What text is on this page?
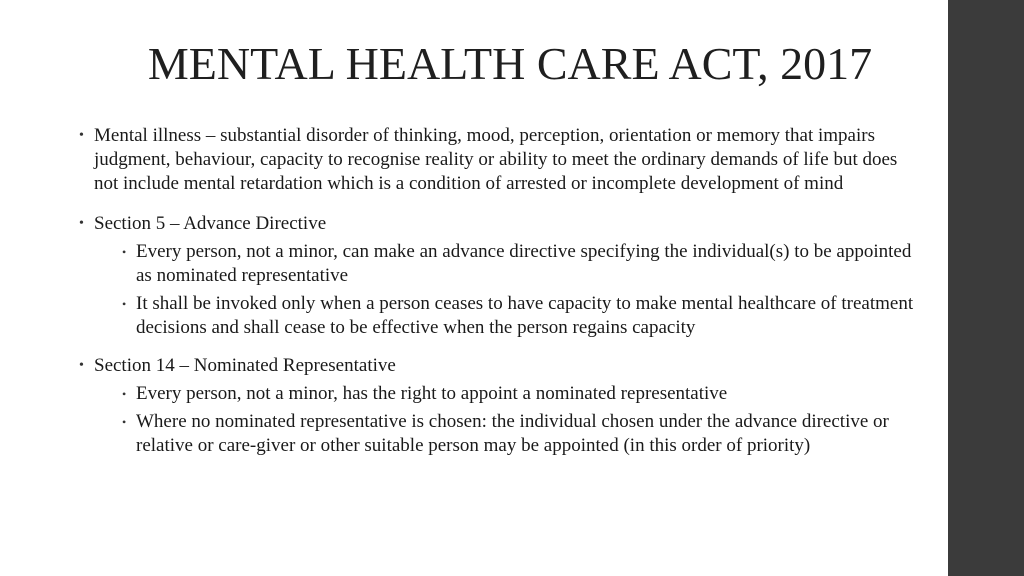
MENTAL HEALTH CARE ACT, 2017
• Mental illness – substantial disorder of thinking, mood, perception, orientation or memory that impairs judgment, behaviour, capacity to recognise reality or ability to meet the ordinary demands of life but does not include mental retardation which is a condition of arrested or incomplete development of mind
• Section 5 – Advance Directive
• Every person, not a minor, can make an advance directive specifying the individual(s) to be appointed as nominated representative
• It shall be invoked only when a person ceases to have capacity to make mental healthcare of treatment decisions and shall cease to be effective when the person regains capacity
• Section 14 – Nominated Representative
• Every person, not a minor, has the right to appoint a nominated representative
• Where no nominated representative is chosen: the individual chosen under the advance directive or relative or care-giver or other suitable person may be appointed (in this order of priority)
